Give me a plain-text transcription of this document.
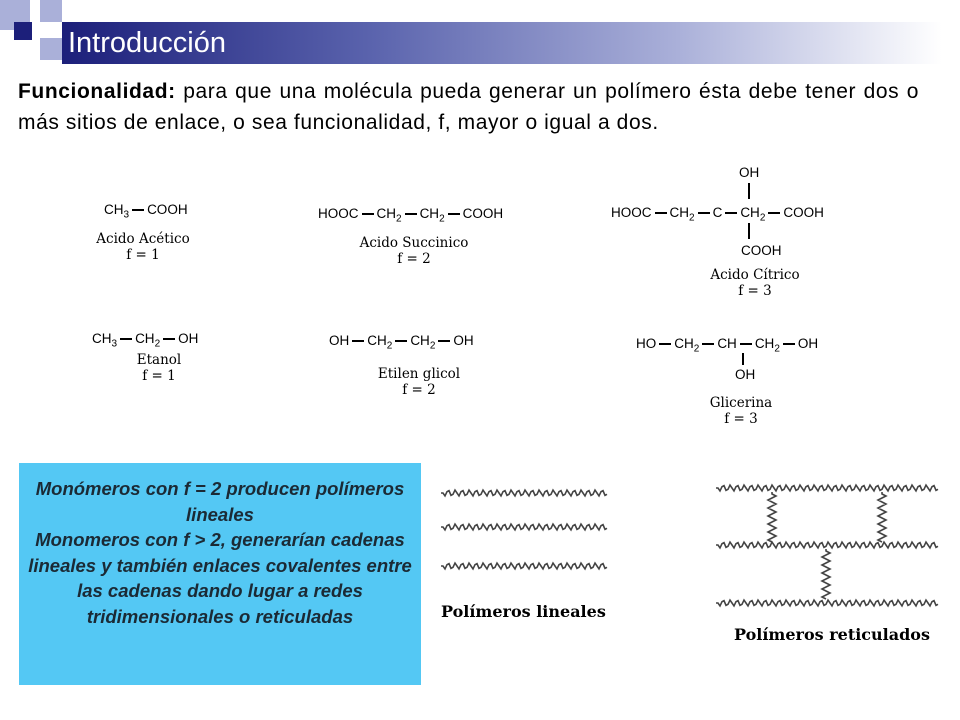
Introducción
Funcionalidad: para que una molécula pueda generar un polímero ésta debe tener dos o más sitios de enlace, o sea funcionalidad, f, mayor o igual a dos.
$CH_3$ COOH
Acido Acético
f = 1
HOOC $CH_2$ $CH_2$ COOH
Acido Succinico
f = 2
OH
HOOC $CH_2$ C $CH_2$ COOH
COOH
Acido Cítrico
f = 3
$CH_3$ $CH_2$ OH
Etanol
f = 1
OH $CH_2$ $CH_2$ OH
Etilen glicol
f = 2
HO $CH_2$ CH $CH_2$ OH
OH
Glicerina
f = 3
Monómeros con f = 2 producen polímeros lineales
Monomeros con f > 2, generarían cadenas lineales y también enlaces covalentes entre las cadenas dando lugar a redes tridimensionales o reticuladas	Polímeros lineales
Polímeros reticulados
